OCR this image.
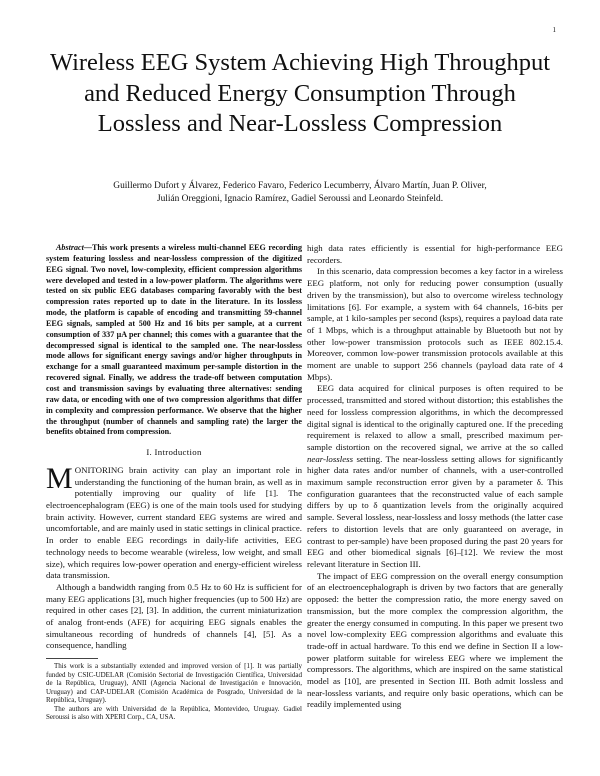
1
Wireless EEG System Achieving High Throughput
and Reduced Energy Consumption Through
Lossless and Near-Lossless Compression
Guillermo Dufort y Álvarez, Federico Favaro, Federico Lecumberry, Álvaro Martín, Juan P. Oliver,
Julián Oreggioni, Ignacio Ramírez, Gadiel Seroussi and Leonardo Steinfeld.

Abstract—This work presents a wireless multi-channel EEG recording system featuring lossless and near-lossless compression of the digitized EEG signal. Two novel, low-complexity, efficient compression algorithms were developed and tested in a low-power platform. The algorithms were tested on six public EEG databases comparing favorably with the best compression rates reported up to date in the literature. In its lossless mode, the platform is capable of encoding and transmitting 59-channel EEG signals, sampled at 500 Hz and 16 bits per sample, at a current consumption of 337 μA per channel; this comes with a guarantee that the decompressed signal is identical to the sampled one. The near-lossless mode allows for significant energy savings and/or higher throughputs in exchange for a small guaranteed maximum per-sample distortion in the recovered signal. Finally, we address the trade-off between computation cost and transmission savings by evaluating three alternatives: sending raw data, or encoding with one of two compression algorithms that differ in complexity and compression performance. We observe that the higher the throughput (number of channels and sampling rate) the larger the benefits obtained from compression.

I. Introduction

MONITORING brain activity can play an important role in understanding the functioning of the human brain, as well as in potentially improving our quality of life [1]. The electroencephalogram (EEG) is one of the main tools used for studying brain activity. However, current standard EEG systems are wired and uncomfortable, and are mainly used in static settings in clinical practice. In order to enable EEG recordings in daily-life activities, EEG technology needs to become wearable (wireless, low weight, and small size), which requires low-power operation and energy-efficient wireless data transmission.

Although a bandwidth ranging from 0.5 Hz to 60 Hz is sufficient for many EEG applications [3], much higher frequencies (up to 500 Hz) are required in other cases [2], [3]. In addition, the current miniaturization of analog front-ends (AFE) for acquiring EEG signals enables the simultaneous recording of hundreds of channels [4], [5]. As a consequence, handling

This work is a substantially extended and improved version of [1]. It was partially funded by CSIC-UDELAR (Comisión Sectorial de Investigación Científica, Universidad de la República, Uruguay), ANII (Agencia Nacional de Investigación e Innovación, Uruguay) and CAP-UDELAR (Comisión Académica de Posgrado, Universidad de la República, Uruguay).

The authors are with Universidad de la República, Montevideo, Uruguay. Gadiel Seroussi is also with XPERI Corp., CA, USA.

high data rates efficiently is essential for high-performance EEG recorders.

In this scenario, data compression becomes a key factor in a wireless EEG platform, not only for reducing power consumption (usually driven by the transmission), but also to overcome wireless technology limitations [6]. For example, a system with 64 channels, 16-bits per sample, at 1 kilo-samples per second (ksps), requires a payload data rate of 1 Mbps, which is a throughput attainable by Bluetooth but not by other low-power transmission protocols such as IEEE 802.15.4. Moreover, common low-power transmission protocols available at this moment are unable to support 256 channels (payload data rate of 4 Mbps).

EEG data acquired for clinical purposes is often required to be processed, transmitted and stored without distortion; this establishes the need for lossless compression algorithms, in which the decompressed digital signal is identical to the originally captured one. If the preceding requirement is relaxed to allow a small, prescribed maximum per-sample distortion on the recovered signal, we arrive at the so called near-lossless setting. The near-lossless setting allows for significantly higher data rates and/or number of channels, with a user-controlled maximum sample reconstruction error given by a parameter δ. This configuration guarantees that the reconstructed value of each sample differs by up to δ quantization levels from the originally acquired sample. Several lossless, near-lossless and lossy methods (the latter case refers to distortion levels that are only guaranteed on average, in contrast to per-sample) have been proposed during the past 20 years for EEG and other biomedical signals [6]–[12]. We review the most relevant literature in Section III.

The impact of EEG compression on the overall energy consumption of an electroencephalograph is driven by two factors that are generally opposed: the better the compression ratio, the more energy saved on transmission, but the more complex the compression algorithm, the greater the energy consumed in computing. In this paper we present two novel low-complexity EEG compression algorithms and evaluate this trade-off in actual hardware. To this end we define in Section II a low-power platform suitable for wireless EEG where we implement the compressors. The algorithms, which are inspired on the same statistical model as [10], are presented in Section III. Both admit lossless and near-lossless variants, and require only basic operations, which can be readily implemented using
